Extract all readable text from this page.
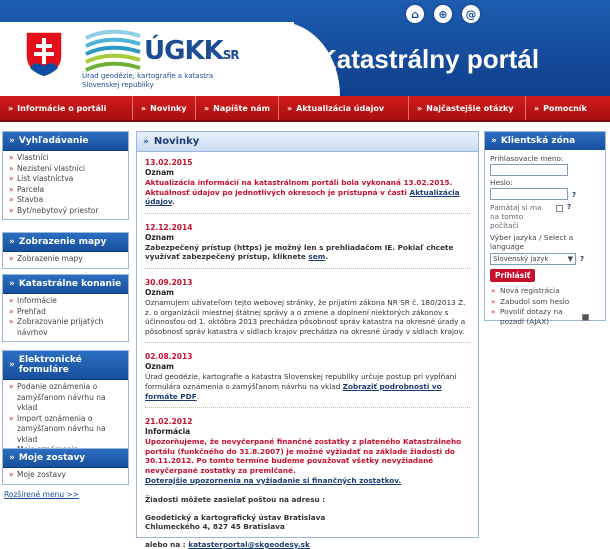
⌂	⊕	@
ÚGKKSR
Úrad geodézie, kartografie a katastra Slovenskej republiky
Katastrálny portál
» Informácie o portáli	» Novinky	» Napíšte nám	» Aktualizácia údajov	» Najčastejšie otázky	» Pomocník
» Vyhľadávanie
» Vlastníci
» Nezistení vlastníci
» List vlastníctva
» Parcela
» Stavba
» Byt/nebytový priestor
» Zobrazenie mapy
» Zobrazenie mapy
» Katastrálne konanie
» Informácie
» Prehľad
» Zobrazovanie prijatých návrhov
» Elektronické formuláre
» Podanie oznámenia o zamýšľanom návrhu na vklad
» Import oznámenia o zamýšľanom návrhu na vklad
»
» Moje zostavy
» Moje zostavy
Rozšírené menu >>
» Novinky
13.02.2015
Oznam
Aktualizácia informácií na katastrálnom portáli bola vykonaná 13.02.2015. Aktuálnosť údajov po jednotlivých okresoch je prístupná v časti Aktualizácia údajov.
12.12.2014
Oznam
Zabezpečený prístup (https) je možný len s prehliadačom IE. Pokiaľ chcete využívať zabezpečený prístup, kliknete sem.
30.09.2013
Oznam
Oznamujem užívateľom tejto webovej stránky, že prijatím zákona NR SR č. 180/2013 Z. z. o organizácii miestnej štátnej správy a o zmene a doplnení niektorých zákonov s účinnosťou od 1. októbra 2013 prechádza pôsobnosť správ katastra na okresné úrady a pôsobnosť správ katastra v sídlach krajov prechádza na okresné úrady v sídlach krajov.
02.08.2013
Oznam
Úrad geodézie, kartografie a katastra Slovenskej republiky určuje postup pri vypĺňaní formulára oznámenia o zamýšľanom návrhu na vklad Zobraziť podrobnosti vo formáte PDF.
21.02.2012
Informácia
Upozorňujeme, že nevyčerpané finančné zostatky z plateného Katastrálneho portálu (funkčného do 31.8.2007) je možné vyžiadať na základe žiadosti do 30.11.2012. Po tomto termíne budeme považovať všetky nevyžiadané nevyčerpané zostatky za premlčané.
Doterajšie upozornenia na vyžiadanie si finančných zostatkov.
Žiadosti môžete zasielať poštou na adresu :
Geodetický a kartografický ústav Bratislava
Chlumeckého 4, 827 45 Bratislava
alebo na : katasterportal@skgeodesy.sk
» Klientská zóna
Prihlasovacie meno:
Heslo:
?
Pamätaj si ma na tomto počítači
?
Výber jazyka / Select a language
Slovenský jazyk	▼ ?
Prihlásiť
» Nová registrácia
» Zabudol som heslo
» Povoliť dotazy na pozadí (AJAX)
